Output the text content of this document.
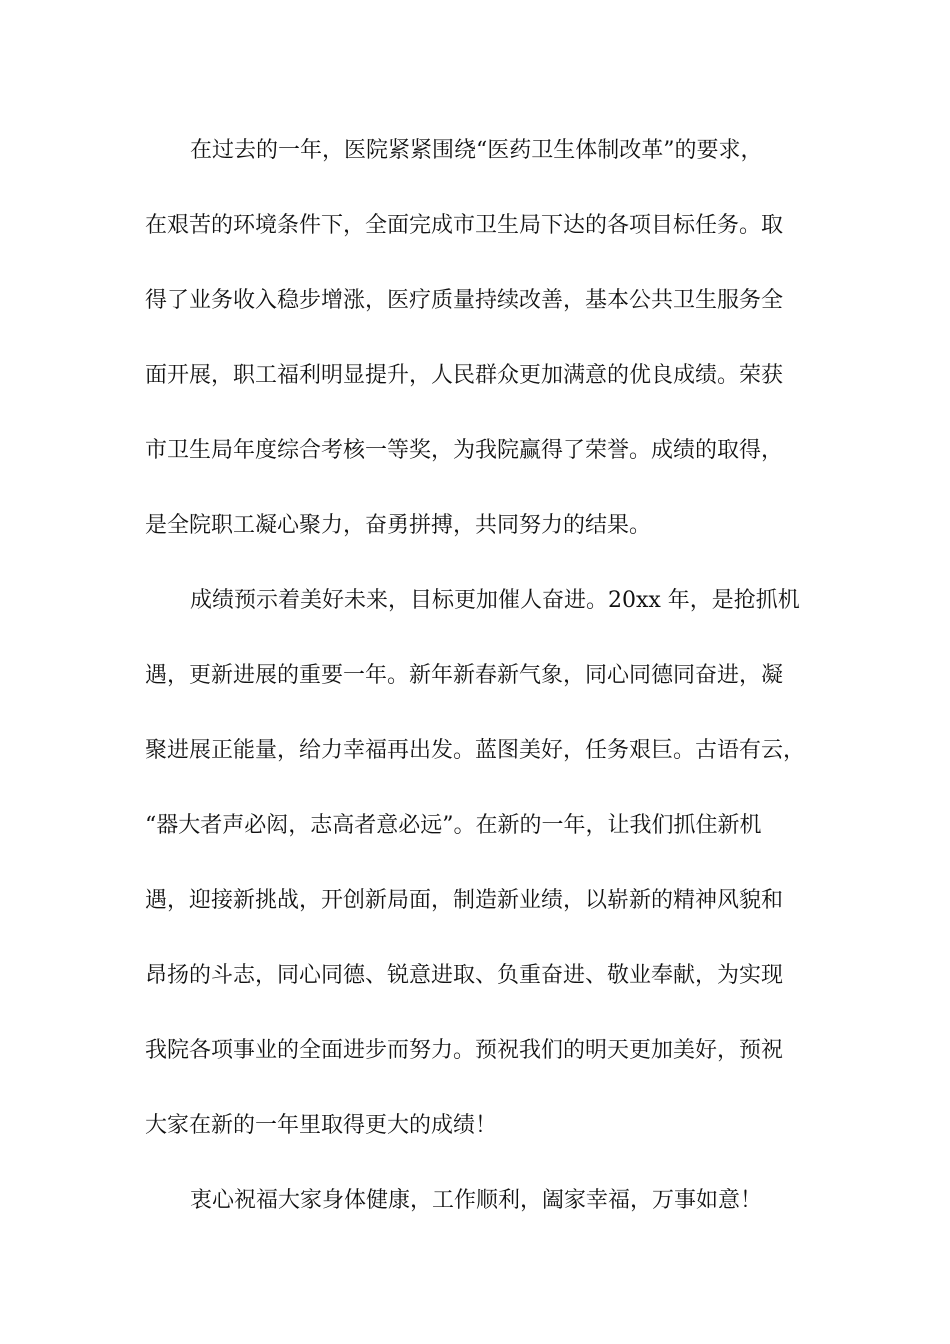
在过去的一年，医院紧紧围绕“医药卫生体制改革”的要求，
在艰苦的环境条件下，全面完成市卫生局下达的各项目标任务。取
得了业务收入稳步增涨，医疗质量持续改善，基本公共卫生服务全
面开展，职工福利明显提升，人民群众更加满意的优良成绩。荣获
市卫生局年度综合考核一等奖，为我院赢得了荣誉。成绩的取得，
是全院职工凝心聚力，奋勇拼搏，共同努力的结果。
成绩预示着美好未来，目标更加催人奋进。20xx 年，是抢抓机
遇，更新进展的重要一年。新年新春新气象，同心同德同奋进，凝
聚进展正能量，给力幸福再出发。蓝图美好，任务艰巨。古语有云，
“器大者声必闳，志高者意必远”。在新的一年，让我们抓住新机
遇，迎接新挑战，开创新局面，制造新业绩，以崭新的精神风貌和
昂扬的斗志，同心同德、锐意进取、负重奋进、敬业奉献，为实现
我院各项事业的全面进步而努力。预祝我们的明天更加美好，预祝
大家在新的一年里取得更大的成绩！
衷心祝福大家身体健康，工作顺利，阖家幸福，万事如意！
